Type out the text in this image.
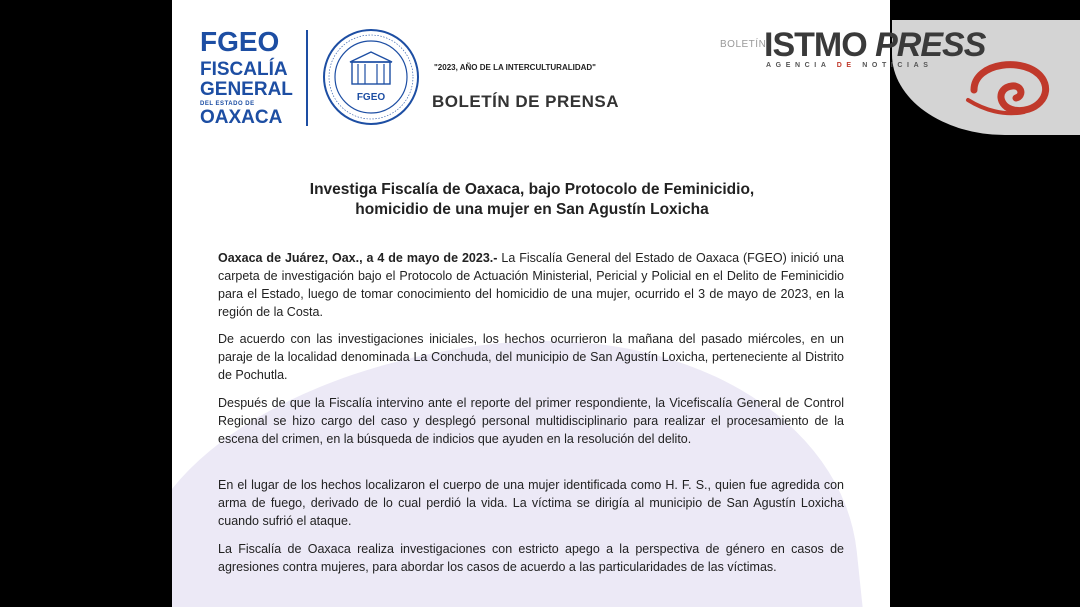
FGEO
FISCALÍA
GENERAL
DEL ESTADO DE
OAXACA
FGEO
"2023, AÑO DE LA INTERCULTURALIDAD"
BOLETÍN DE PRENSA
BOLETÍN
Investiga Fiscalía de Oaxaca, bajo Protocolo de Feminicidio,
homicidio de una mujer en San Agustín Loxicha
Oaxaca de Juárez, Oax., a 4 de mayo de 2023.- La Fiscalía General del Estado de Oaxaca (FGEO) inició una carpeta de investigación bajo el Protocolo de Actuación Ministerial, Pericial y Policial en el Delito de Feminicidio para el Estado, luego de tomar conocimiento del homicidio de una mujer, ocurrido el 3 de mayo de 2023, en la región de la Costa.
De acuerdo con las investigaciones iniciales, los hechos ocurrieron la mañana del pasado miércoles, en un paraje de la localidad denominada La Conchuda, del municipio de San Agustín Loxicha, perteneciente al Distrito de Pochutla.
Después de que la Fiscalía intervino ante el reporte del primer respondiente, la Vicefiscalía General de Control Regional se hizo cargo del caso y desplegó personal multidisciplinario para realizar el procesamiento de la escena del crimen, en la búsqueda de indicios que ayuden en la resolución del delito.
En el lugar de los hechos localizaron el cuerpo de una mujer identificada como H. F. S., quien fue agredida con arma de fuego, derivado de lo cual perdió la vida. La víctima se dirigía al municipio de San Agustín Loxicha cuando sufrió el ataque.
La Fiscalía de Oaxaca realiza investigaciones con estricto apego a la perspectiva de género en casos de agresiones contra mujeres, para abordar los casos de acuerdo a las particularidades de las víctimas.
ISTMO PRESS
AGENCIA DE NOTICIAS
